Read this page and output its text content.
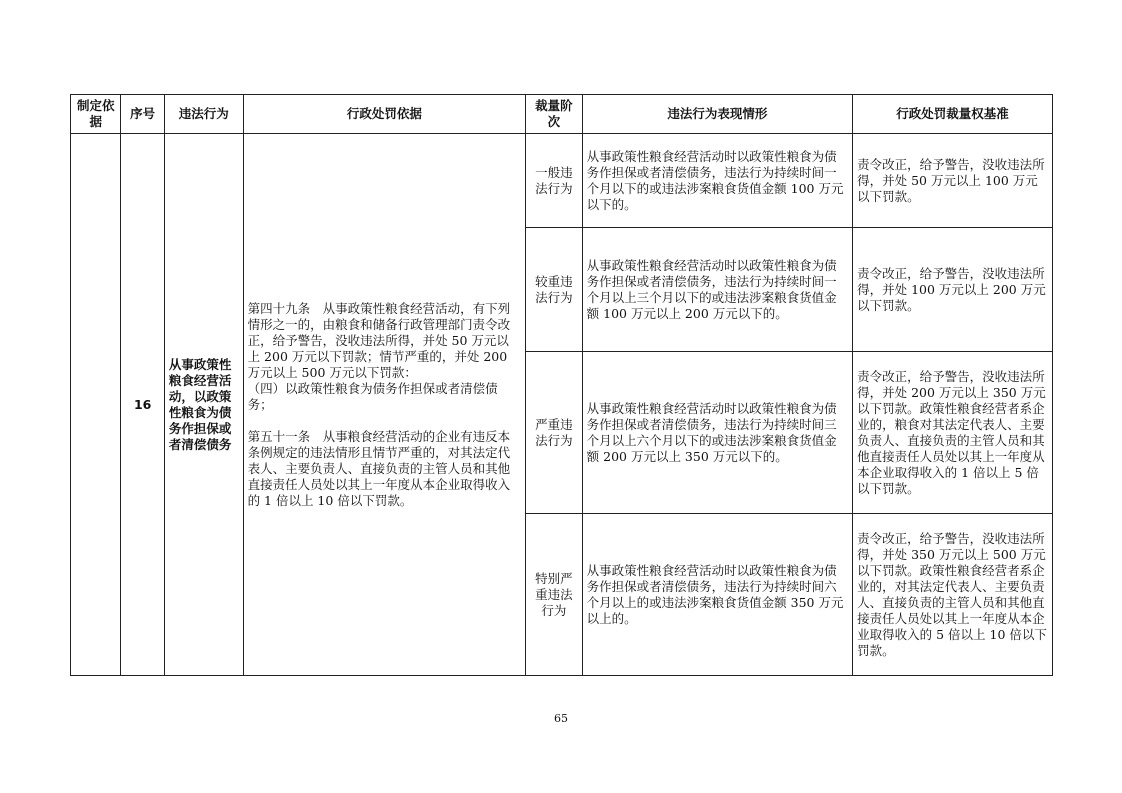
制定依据	序号	违法行为	行政处罚依据	裁量阶次	违法行为表现情形	行政处罚裁量权基准
	16	从事政策性粮食经营活动，以政策性粮食为债务作担保或者清偿债务	第四十九条　从事政策性粮食经营活动，有下列情形之一的，由粮食和储备行政管理部门责令改正，给予警告，没收违法所得，并处 50 万元以上 200 万元以下罚款；情节严重的，并处 200 万元以上 500 万元以下罚款：

（四）以政策性粮食为债务作担保或者清偿债务；

第五十一条　从事粮食经营活动的企业有违反本条例规定的违法情形且情节严重的，对其法定代表人、主要负责人、直接负责的主管人员和其他直接责任人员处以其上一年度从本企业取得收入的 1 倍以上 10 倍以下罚款。	一般违法行为	从事政策性粮食经营活动时以政策性粮食为债务作担保或者清偿债务，违法行为持续时间一个月以下的或违法涉案粮食货值金额 100 万元以下的。	责令改正，给予警告，没收违法所得，并处 50 万元以上 100 万元以下罚款。
				较重违法行为	从事政策性粮食经营活动时以政策性粮食为债务作担保或者清偿债务，违法行为持续时间一个月以上三个月以下的或违法涉案粮食货值金额 100 万元以上 200 万元以下的。	责令改正，给予警告，没收违法所得，并处 100 万元以上 200 万元以下罚款。
				严重违法行为	从事政策性粮食经营活动时以政策性粮食为债务作担保或者清偿债务，违法行为持续时间三个月以上六个月以下的或违法涉案粮食货值金额 200 万元以上 350 万元以下的。	责令改正，给予警告，没收违法所得，并处 200 万元以上 350 万元以下罚款。政策性粮食经营者系企业的，粮食对其法定代表人、主要负责人、直接负责的主管人员和其他直接责任人员处以其上一年度从本企业取得收入的 1 倍以上 5 倍以下罚款。
				特别严重违法行为	从事政策性粮食经营活动时以政策性粮食为债务作担保或者清偿债务，违法行为持续时间六个月以上的或违法涉案粮食货值金额 350 万元以上的。	责令改正，给予警告，没收违法所得，并处 350 万元以上 500 万元以下罚款。政策性粮食经营者系企业的，对其法定代表人、主要负责人、直接负责的主管人员和其他直接责任人员处以其上一年度从本企业取得收入的 5 倍以上 10 倍以下罚款。
65
